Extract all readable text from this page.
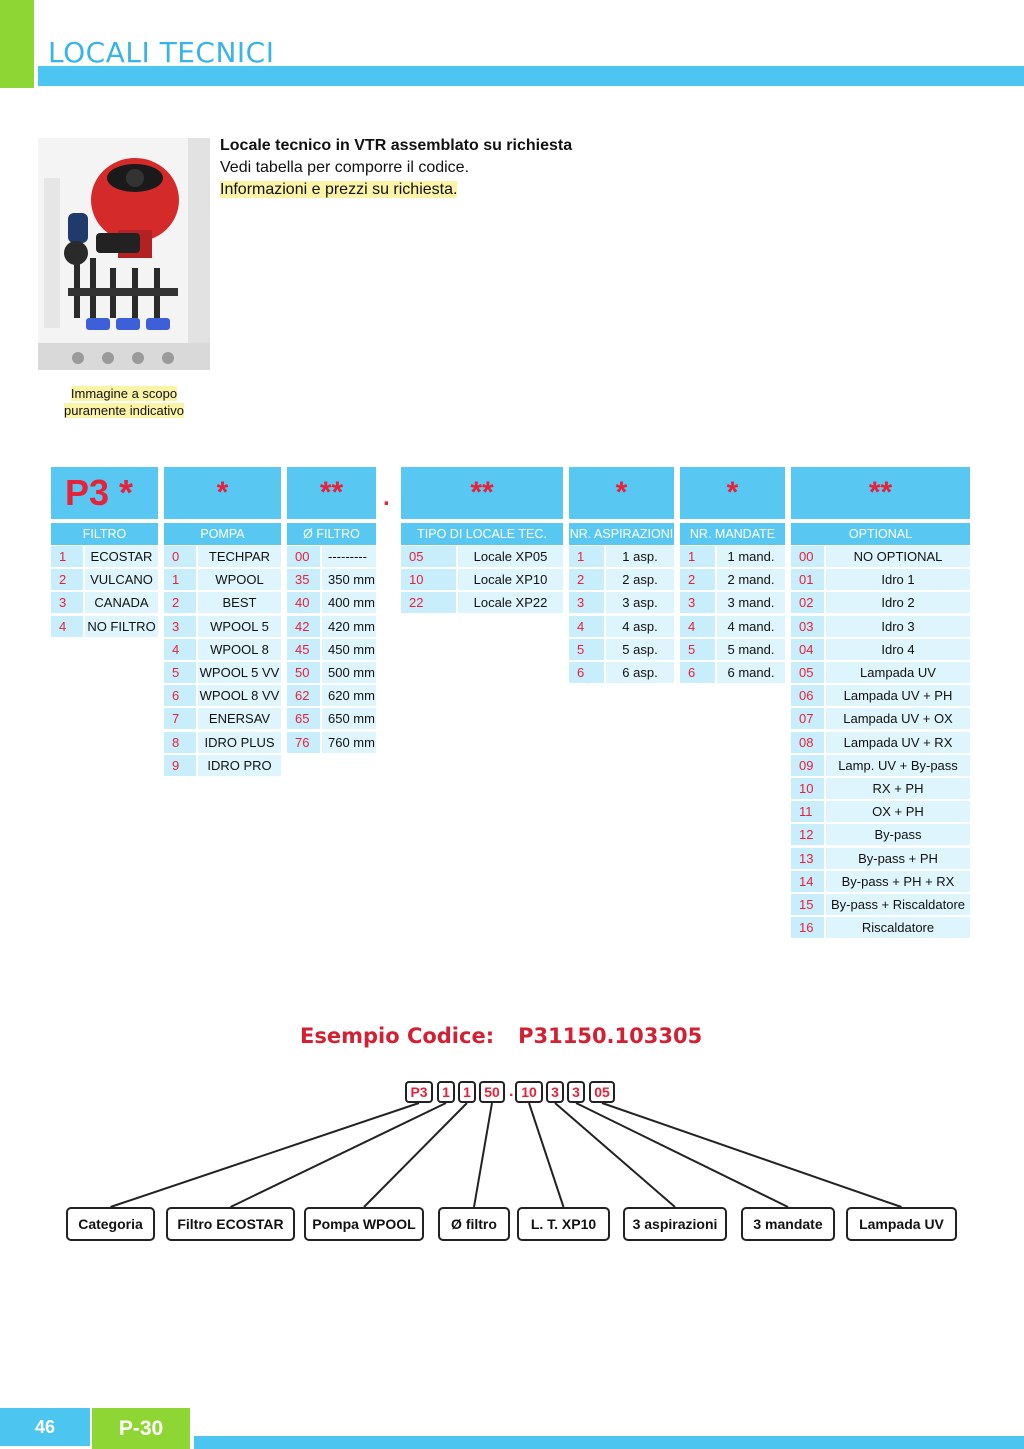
LOCALI TECNICI
Immagine a scopo
puramente indicativo
Locale tecnico in VTR assemblato su richiesta
Vedi tabella per comporre il codice.
Informazioni e prezzi su richiesta.
P3 *
FILTRO
1	ECOSTAR
2	VULCANO
3	CANADA
4	NO FILTRO
*
POMPA
0	TECHPAR
1	WPOOL
2	BEST
3	WPOOL 5
4	WPOOL 8
5	WPOOL 5 VV
6	WPOOL 8 VV
7	ENERSAV
8	IDRO PLUS
9	IDRO PRO
**
Ø FILTRO
00	---------
35	350 mm
40	400 mm
42	420 mm
45	450 mm
50	500 mm
62	620 mm
65	650 mm
76	760 mm
**
TIPO DI LOCALE TEC.
05	Locale XP05
10	Locale XP10
22	Locale XP22
*
NR. ASPIRAZIONI
1	1 asp.
2	2 asp.
3	3 asp.
4	4 asp.
5	5 asp.
6	6 asp.
*
NR. MANDATE
1	1 mand.
2	2 mand.
3	3 mand.
4	4 mand.
5	5 mand.
6	6 mand.
**
OPTIONAL
00	NO OPTIONAL
01	Idro 1
02	Idro 2
03	Idro 3
04	Idro 4
05	Lampada UV
06	Lampada UV + PH
07	Lampada UV + OX
08	Lampada UV + RX
09	Lamp. UV + By-pass
10	RX + PH
11	OX + PH
12	By-pass
13	By-pass + PH
14	By-pass + PH + RX
15	By-pass + Riscaldatore
16	Riscaldatore
.
Esempio Codice: P31150.103305
P3	1 1 50	10	3 3	05
.
Categoria	Filtro ECOSTAR	Pompa WPOOL	Ø filtro	L. T. XP10	3 aspirazioni	3 mandate	Lampada UV
46	P-30
